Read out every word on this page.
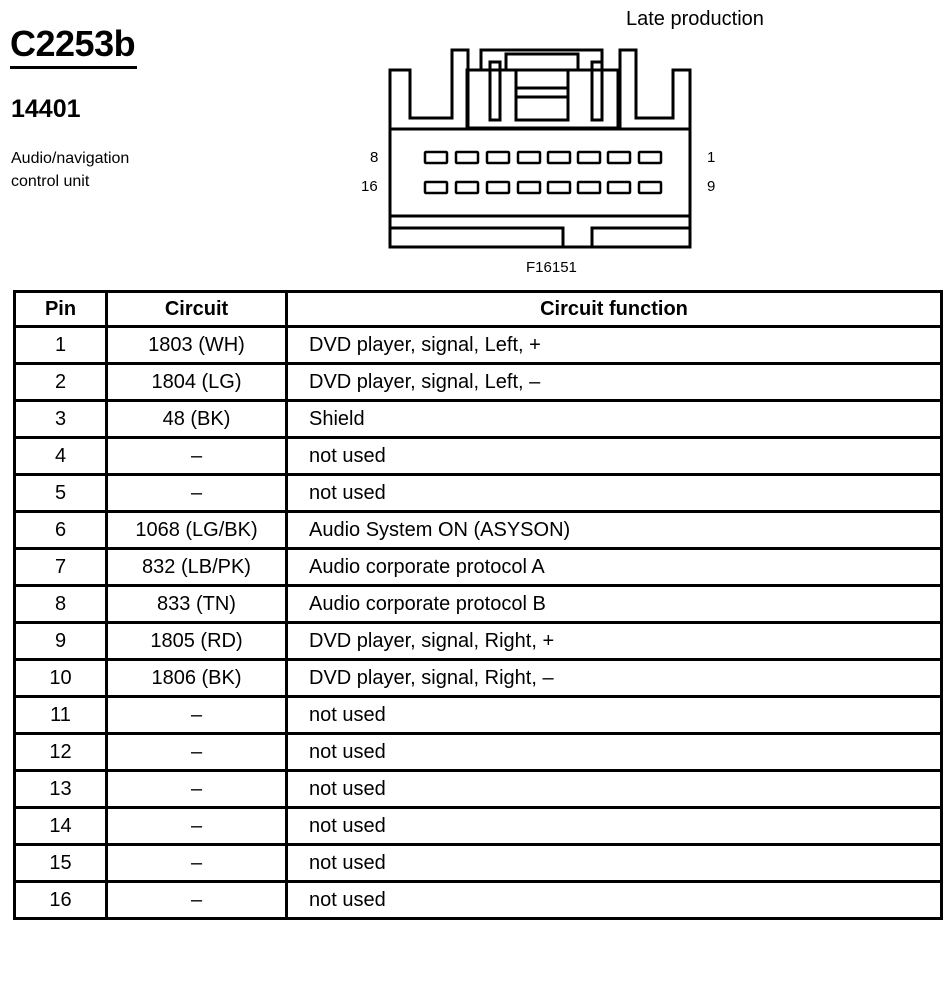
C2253b
14401
Audio/navigation
control unit
Late production
8	1
16	9
F16151
Pin	Circuit	Circuit function
1	1803 (WH)	DVD player, signal, Left, +
2	1804 (LG)	DVD player, signal, Left, –
3	48 (BK)	Shield
4	–	not used
5	–	not used
6	1068 (LG/BK)	Audio System ON (ASYSON)
7	832 (LB/PK)	Audio corporate protocol A
8	833 (TN)	Audio corporate protocol B
9	1805 (RD)	DVD player, signal, Right, +
10	1806 (BK)	DVD player, signal, Right, –
11	–	not used
12	–	not used
13	–	not used
14	–	not used
15	–	not used
16	–	not used
